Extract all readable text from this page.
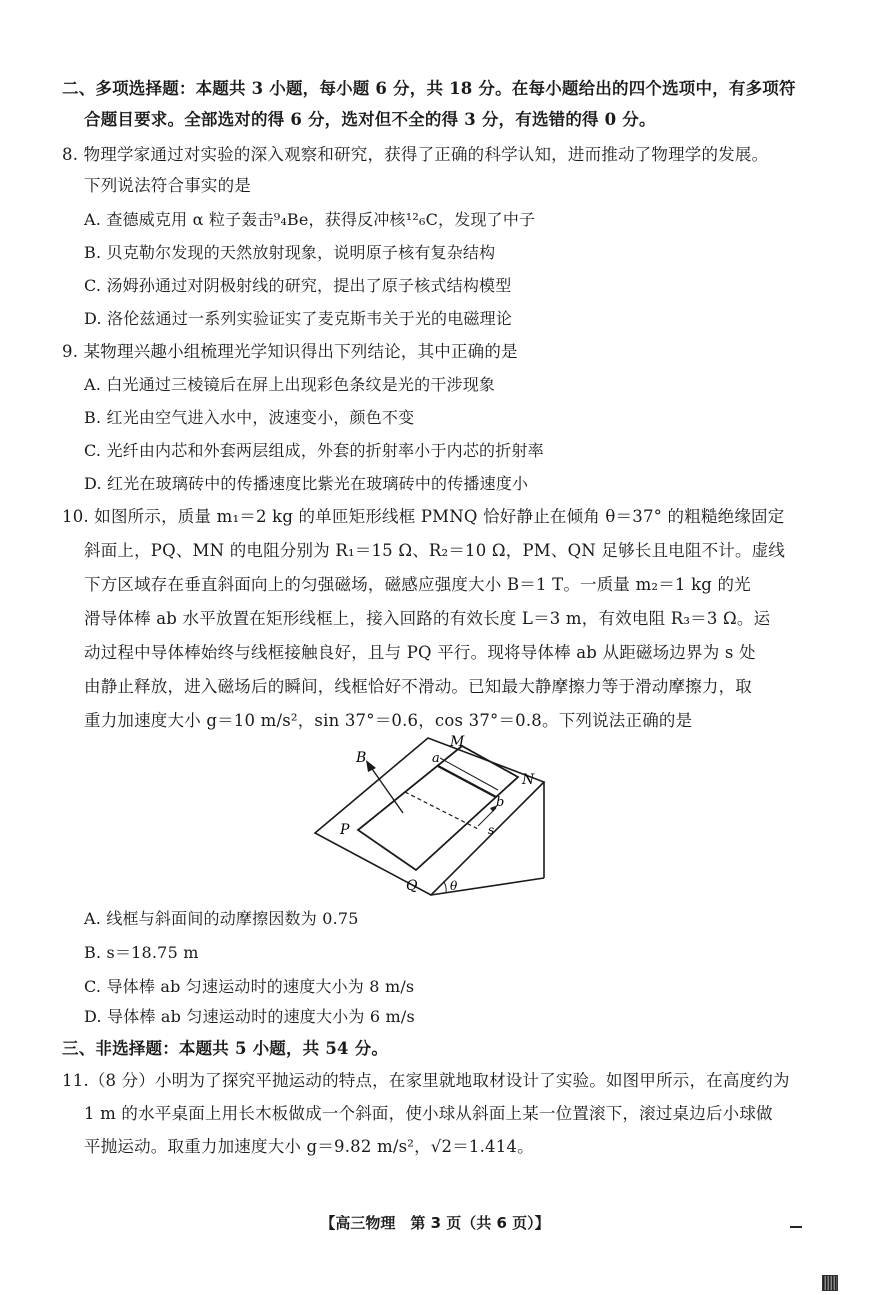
二、多项选择题：本题共 3 小题，每小题 6 分，共 18 分。在每小题给出的四个选项中，有多项符
合题目要求。全部选对的得 6 分，选对但不全的得 3 分，有选错的得 0 分。
8. 物理学家通过对实验的深入观察和研究，获得了正确的科学认知，进而推动了物理学的发展。
下列说法符合事实的是
A. 查德威克用 α 粒子轰击⁹₄Be，获得反冲核¹²₆C，发现了中子
B. 贝克勒尔发现的天然放射现象，说明原子核有复杂结构
C. 汤姆孙通过对阴极射线的研究，提出了原子核式结构模型
D. 洛伦兹通过一系列实验证实了麦克斯韦关于光的电磁理论
9. 某物理兴趣小组梳理光学知识得出下列结论，其中正确的是
A. 白光通过三棱镜后在屏上出现彩色条纹是光的干涉现象
B. 红光由空气进入水中，波速变小，颜色不变
C. 光纤由内芯和外套两层组成，外套的折射率小于内芯的折射率
D. 红光在玻璃砖中的传播速度比紫光在玻璃砖中的传播速度小
10. 如图所示，质量 m₁＝2 kg 的单匝矩形线框 PMNQ 恰好静止在倾角 θ＝37° 的粗糙绝缘固定
斜面上，PQ、MN 的电阻分别为 R₁＝15 Ω、R₂＝10 Ω，PM、QN 足够长且电阻不计。虚线
下方区域存在垂直斜面向上的匀强磁场，磁感应强度大小 B＝1 T。一质量 m₂＝1 kg 的光
滑导体棒 ab 水平放置在矩形线框上，接入回路的有效长度 L＝3 m，有效电阻 R₃＝3 Ω。运
动过程中导体棒始终与线框接触良好，且与 PQ 平行。现将导体棒 ab 从距磁场边界为 s 处
由静止释放，进入磁场后的瞬间，线框恰好不滑动。已知最大静摩擦力等于滑动摩擦力，取
重力加速度大小 g＝10 m/s²，sin 37°＝0.6，cos 37°＝0.8。下列说法正确的是
B
M
a
b
N
P
Q
s
θ
A. 线框与斜面间的动摩擦因数为 0.75
B. s＝18.75 m
C. 导体棒 ab 匀速运动时的速度大小为 8 m/s
D. 导体棒 ab 匀速运动时的速度大小为 6 m/s
三、非选择题：本题共 5 小题，共 54 分。
11.（8 分）小明为了探究平抛运动的特点，在家里就地取材设计了实验。如图甲所示，在高度约为
1 m 的水平桌面上用长木板做成一个斜面，使小球从斜面上某一位置滚下，滚过桌边后小球做
平抛运动。取重力加速度大小 g＝9.82 m/s²，√2＝1.414。
【高三物理　第 3 页（共 6 页）】
